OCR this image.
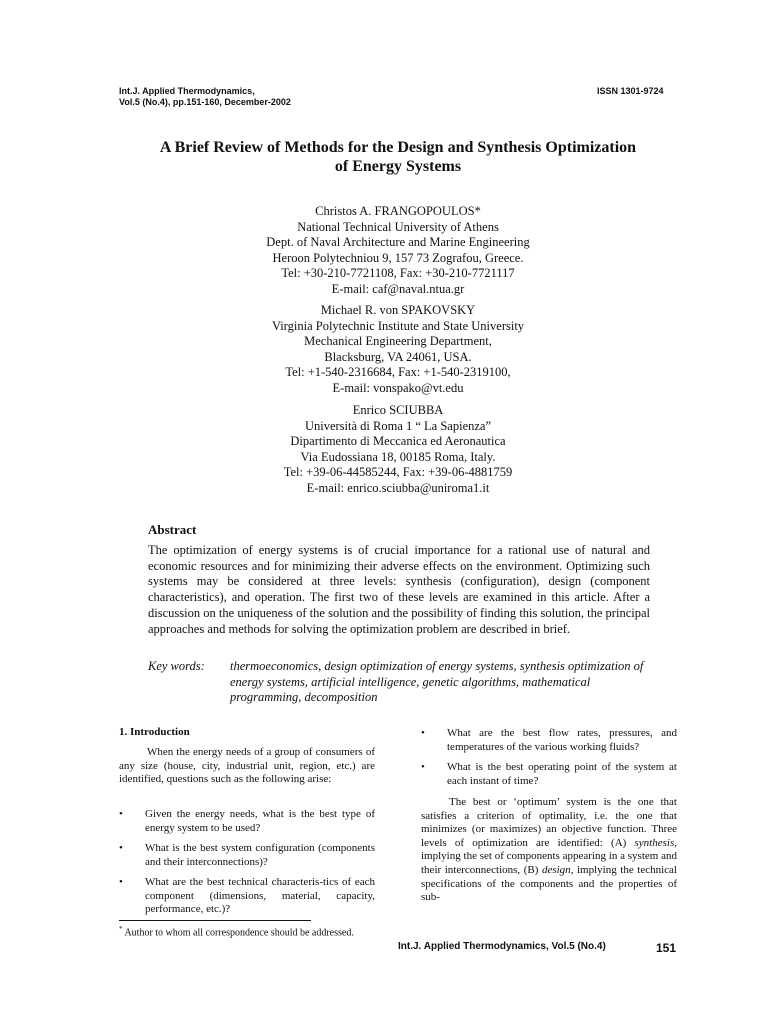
Int.J. Applied Thermodynamics,
Vol.5 (No.4), pp.151-160, December-2002
ISSN 1301-9724
A Brief Review of Methods for the Design and Synthesis Optimization
of Energy Systems
Christos A. FRANGOPOULOS*
National Technical University of Athens
Dept. of Naval Architecture and Marine Engineering
Heroon Polytechniou 9, 157 73 Zografou, Greece.
Tel: +30-210-7721108, Fax: +30-210-7721117
E-mail: caf@naval.ntua.gr
Michael R. von SPAKOVSKY
Virginia Polytechnic Institute and State University
Mechanical Engineering Department,
Blacksburg, VA 24061, USA.
Tel: +1-540-2316684, Fax: +1-540-2319100,
E-mail: vonspako@vt.edu
Enrico SCIUBBA
Università di Roma 1 “ La Sapienza”
Dipartimento di Meccanica ed Aeronautica
Via Eudossiana 18, 00185 Roma, Italy.
Tel: +39-06-44585244, Fax: +39-06-4881759
E-mail: enrico.sciubba@uniroma1.it
Abstract
The optimization of energy systems is of crucial importance for a rational use of natural and economic resources and for minimizing their adverse effects on the environment. Optimizing such systems may be considered at three levels: synthesis (configuration), design (component characteristics), and operation. The first two of these levels are examined in this article. After a discussion on the uniqueness of the solution and the possibility of finding this solution, the principal approaches and methods for solving the optimization problem are described in brief.
Key words: thermoeconomics, design optimization of energy systems, synthesis optimization of energy systems, artificial intelligence, genetic algorithms, mathematical programming, decomposition
1. Introduction
When the energy needs of a group of consumers of any size (house, city, industrial unit, region, etc.) are identified, questions such as the following arise:
•	Given the energy needs, what is the best type of energy system to be used?
•	What is the best system configuration (components and their interconnections)?
•	What are the best technical characteris-tics of each component (dimensions, material, capacity, performance, etc.)?
•	What are the best flow rates, pressures, and temperatures of the various working fluids?
•	What is the best operating point of the system at each instant of time?
The best or ‘optimum’ system is the one that satisfies a criterion of optimality, i.e. the one that minimizes (or maximizes) an objective function. Three levels of optimization are identified: (A) synthesis, implying the set of components appearing in a system and their interconnections, (B) design, implying the technical specifications of the components and the properties of sub-
* Author to whom all correspondence should be addressed.
Int.J. Applied Thermodynamics, Vol.5 (No.4)	151
